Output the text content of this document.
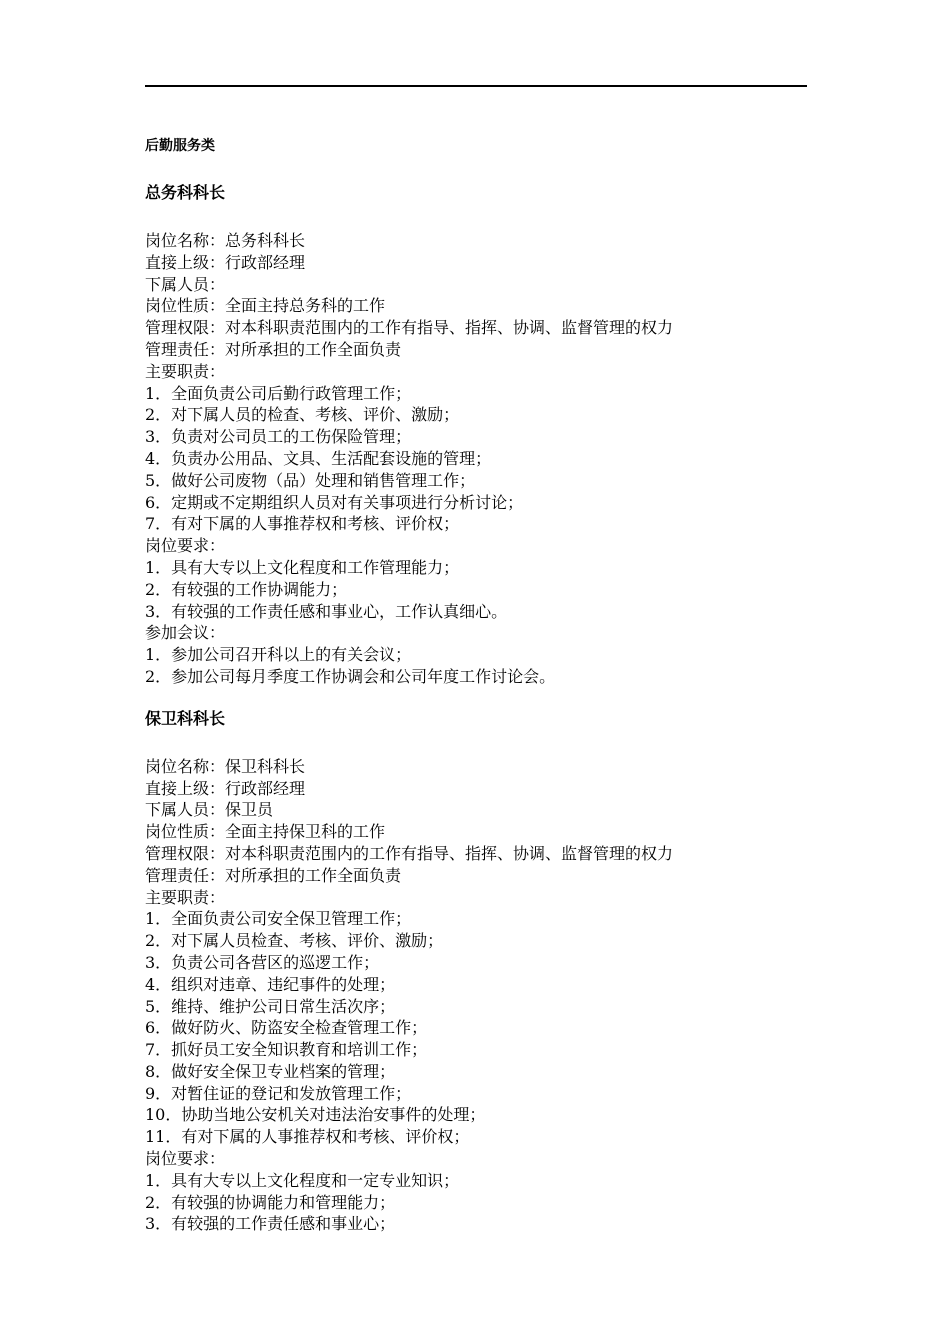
后勤服务类
总务科科长
岗位名称：总务科科长
直接上级：行政部经理
下属人员：
岗位性质：全面主持总务科的工作
管理权限：对本科职责范围内的工作有指导、指挥、协调、监督管理的权力
管理责任：对所承担的工作全面负责
主要职责：
1．全面负责公司后勤行政管理工作；
2．对下属人员的检查、考核、评价、激励；
3．负责对公司员工的工伤保险管理；
4．负责办公用品、文具、生活配套设施的管理；
5．做好公司废物（品）处理和销售管理工作；
6．定期或不定期组织人员对有关事项进行分析讨论；
7．有对下属的人事推荐权和考核、评价权；
岗位要求：
1．具有大专以上文化程度和工作管理能力；
2．有较强的工作协调能力；
3．有较强的工作责任感和事业心，工作认真细心。
参加会议：
1．参加公司召开科以上的有关会议；
2．参加公司每月季度工作协调会和公司年度工作讨论会。
保卫科科长
岗位名称：保卫科科长
直接上级：行政部经理
下属人员：保卫员
岗位性质：全面主持保卫科的工作
管理权限：对本科职责范围内的工作有指导、指挥、协调、监督管理的权力
管理责任：对所承担的工作全面负责
主要职责：
1．全面负责公司安全保卫管理工作；
2．对下属人员检查、考核、评价、激励；
3．负责公司各营区的巡逻工作；
4．组织对违章、违纪事件的处理；
5．维持、维护公司日常生活次序；
6．做好防火、防盗安全检查管理工作；
7．抓好员工安全知识教育和培训工作；
8．做好安全保卫专业档案的管理；
9．对暂住证的登记和发放管理工作；
10．协助当地公安机关对违法治安事件的处理；
11．有对下属的人事推荐权和考核、评价权；
岗位要求：
1．具有大专以上文化程度和一定专业知识；
2．有较强的协调能力和管理能力；
3．有较强的工作责任感和事业心；
